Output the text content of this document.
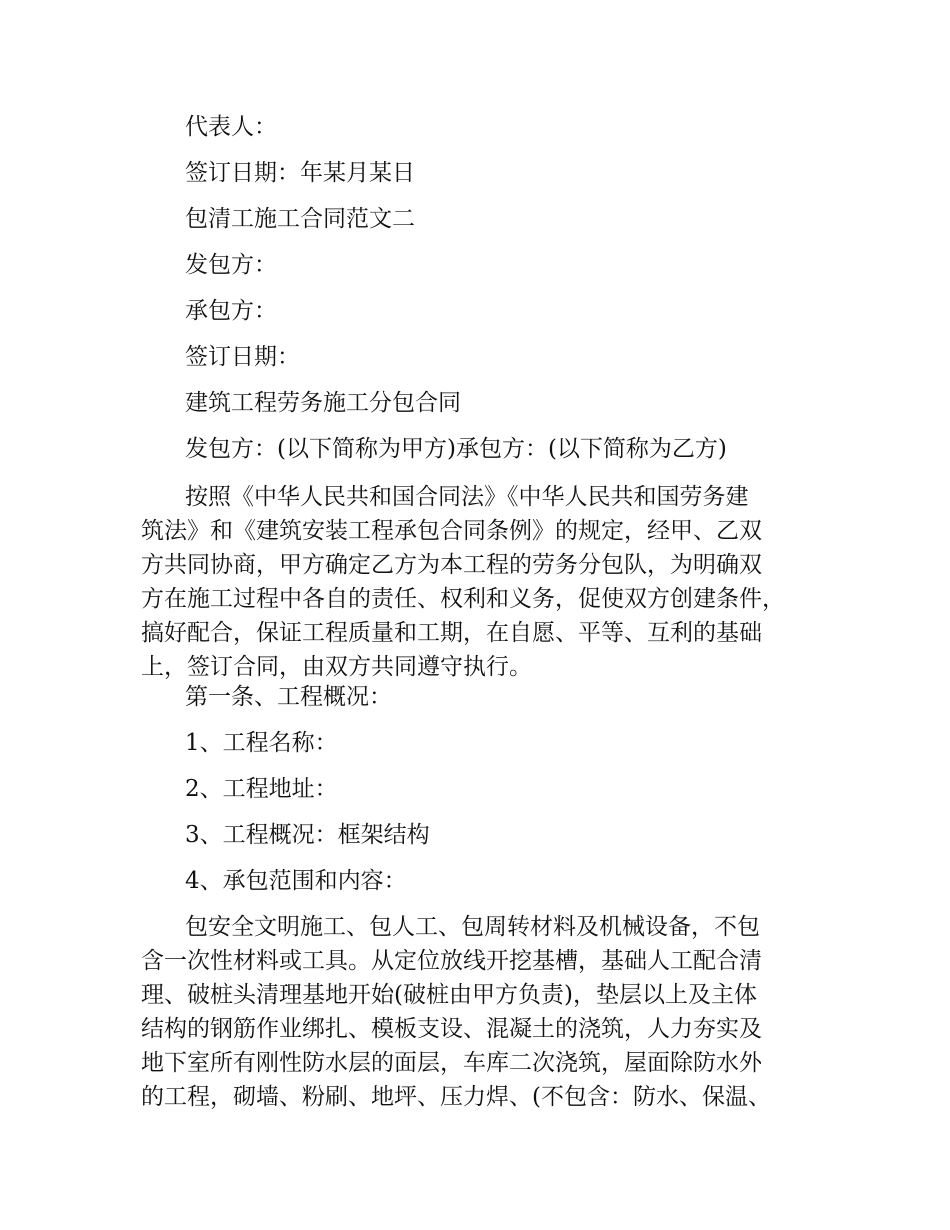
代表人：
签订日期：年某月某日
包清工施工合同范文二
发包方：
承包方：
签订日期：
建筑工程劳务施工分包合同
发包方：(以下简称为甲方)承包方：(以下简称为乙方)
按照《中华人民共和国合同法》《中华人民共和国劳务建
筑法》和《建筑安装工程承包合同条例》的规定，经甲、乙双
方共同协商，甲方确定乙方为本工程的劳务分包队，为明确双
方在施工过程中各自的责任、权利和义务，促使双方创建条件，
搞好配合，保证工程质量和工期，在自愿、平等、互利的基础
上，签订合同，由双方共同遵守执行。
第一条、工程概况：
1、工程名称：
2、工程地址：
3、工程概况：框架结构
4、承包范围和内容：
包安全文明施工、包人工、包周转材料及机械设备，不包
含一次性材料或工具。从定位放线开挖基槽，基础人工配合清
理、破桩头清理基地开始(破桩由甲方负责)，垫层以上及主体
结构的钢筋作业绑扎、模板支设、混凝土的浇筑，人力夯实及
地下室所有刚性防水层的面层，车库二次浇筑，屋面除防水外
的工程，砌墙、粉刷、地坪、压力焊、(不包含：防水、保温、
